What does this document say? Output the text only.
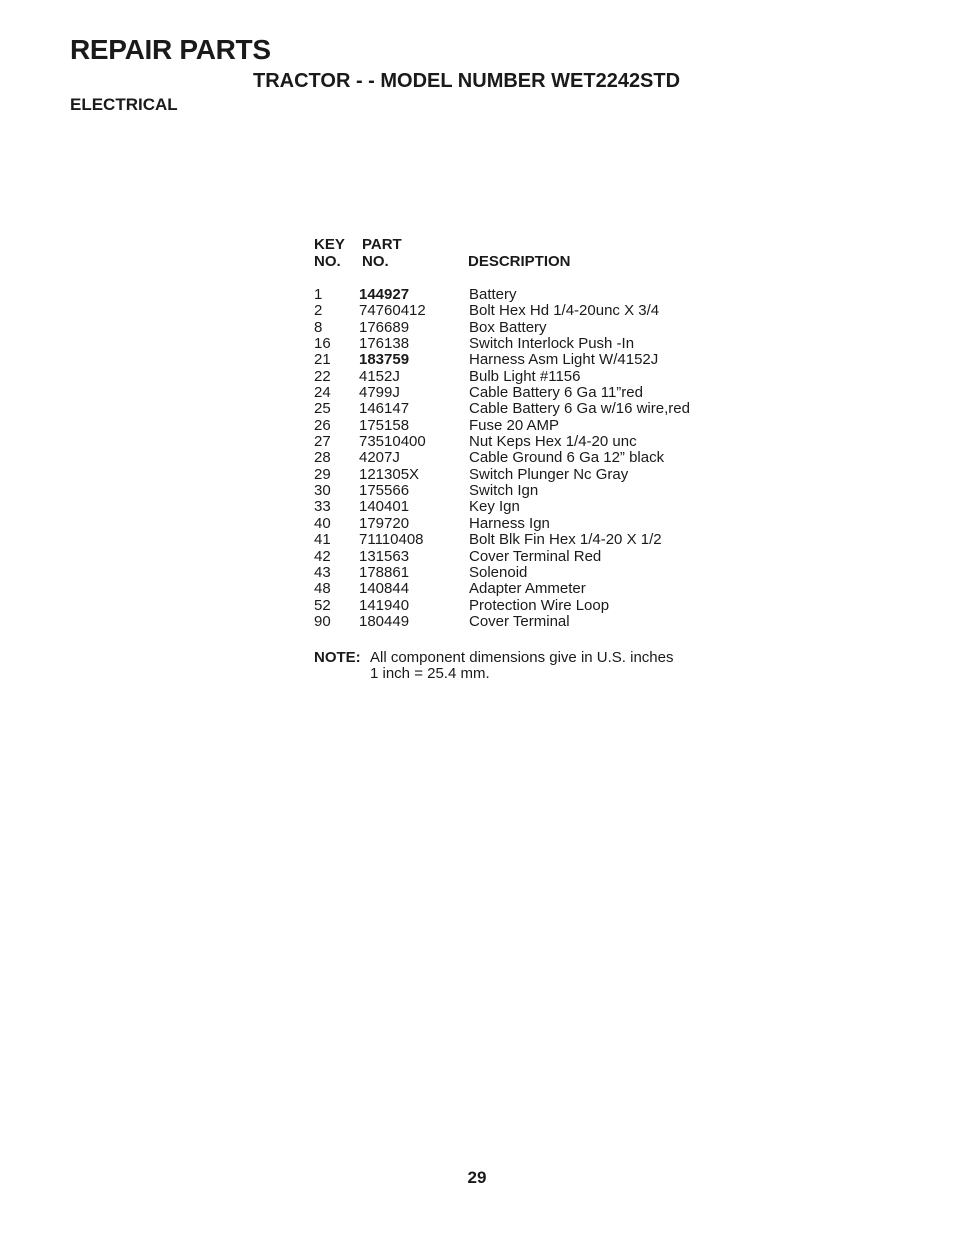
REPAIR PARTS
TRACTOR - - MODEL NUMBER WET2242STD
ELECTRICAL
KEY
NO.
PART
NO.	DESCRIPTION
1 144927	Battery
2 74760412	Bolt Hex Hd 1/4-20unc X 3/4
8 176689	Box Battery
16 176138	Switch Interlock Push -In
21 183759	Harness Asm Light W/4152J
22 4152J	Bulb Light #1156
24 4799J	Cable Battery 6 Ga 11”red
25 146147	Cable Battery 6 Ga w/16 wire,red
26 175158	Fuse 20 AMP
27 73510400	Nut Keps Hex 1/4-20 unc
28 4207J	Cable Ground 6 Ga 12” black
29 121305X	Switch Plunger Nc Gray
30 175566	Switch Ign
33 140401	Key Ign
40 179720	Harness Ign
41 71110408	Bolt Blk Fin Hex 1/4-20 X 1/2
42 131563	Cover Terminal Red
43 178861	Solenoid
48 140844	Adapter Ammeter
52 141940	Protection Wire Loop
90 180449	Cover Terminal
NOTE: All component dimensions give in U.S. inches
1 inch = 25.4 mm.
29
